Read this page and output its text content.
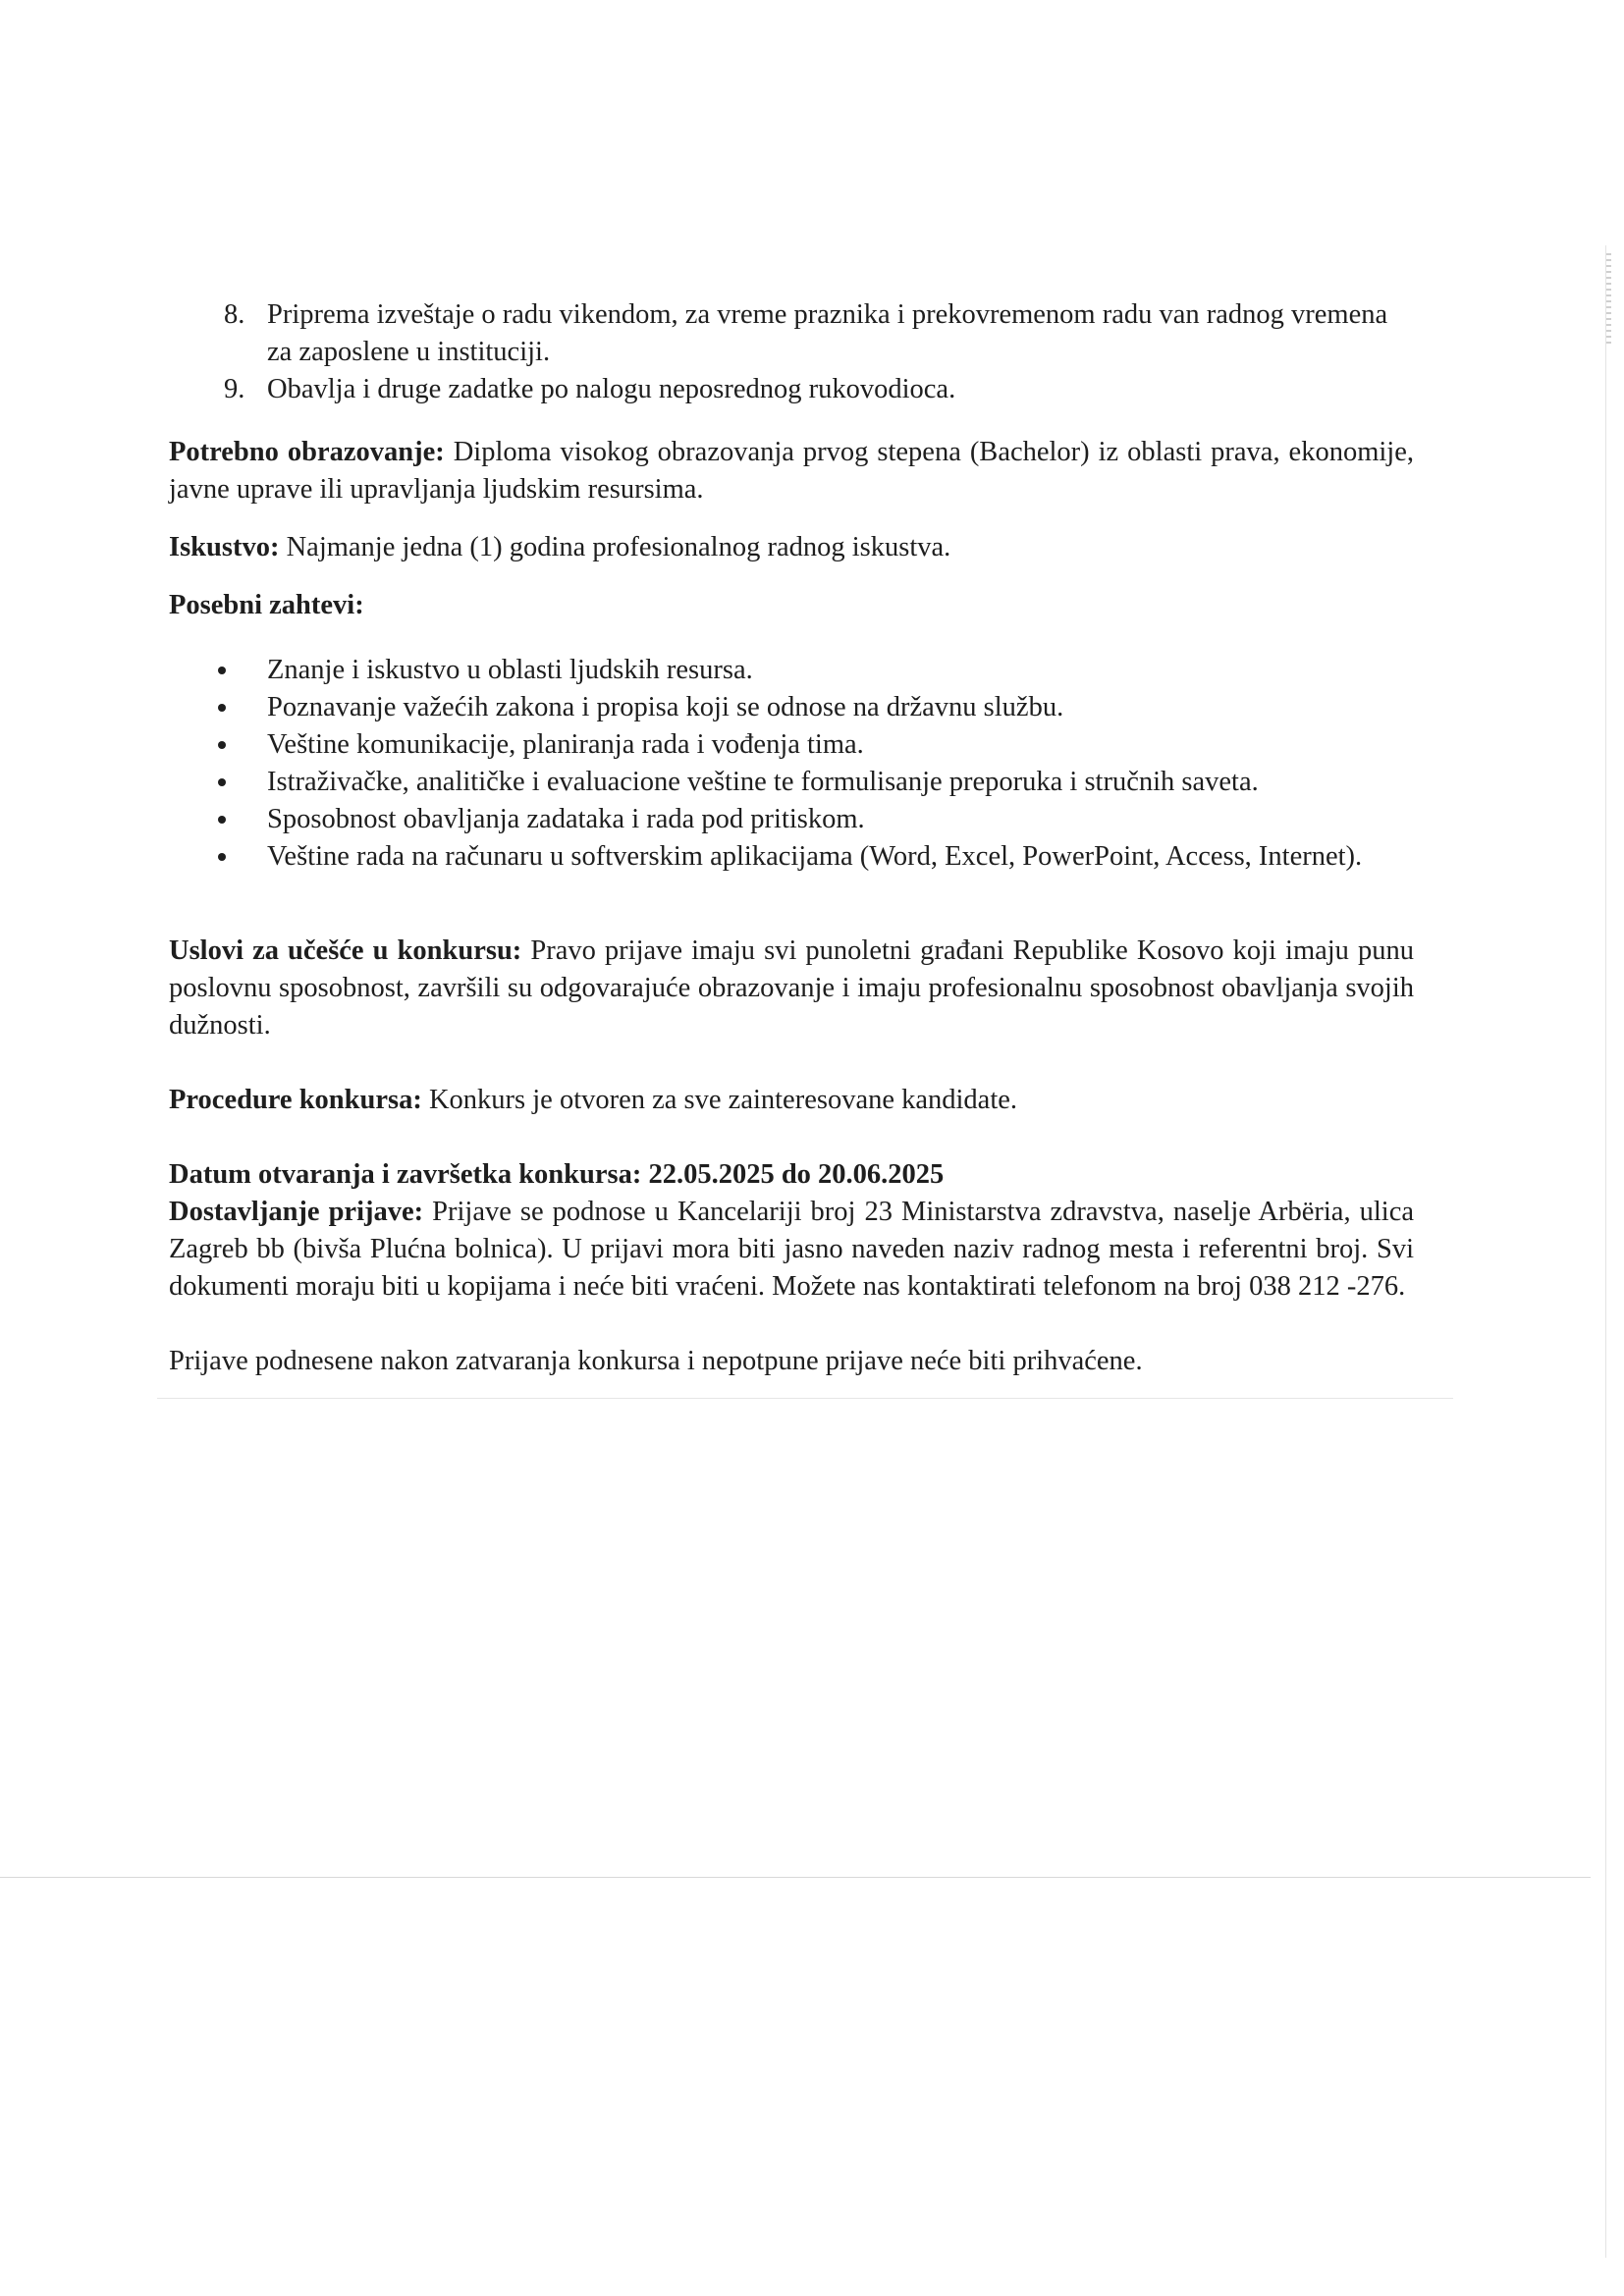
8. Priprema izveštaje o radu vikendom, za vreme praznika i prekovremenom radu van radnog vremena za zaposlene u instituciji.
9. Obavlja i druge zadatke po nalogu neposrednog rukovodioca.

Potrebno obrazovanje: Diploma visokog obrazovanja prvog stepena (Bachelor) iz oblasti prava, ekonomije, javne uprave ili upravljanja ljudskim resursima.

Iskustvo: Najmanje jedna (1) godina profesionalnog radnog iskustva.

Posebni zahtevi:

Znanje i iskustvo u oblasti ljudskih resursa.
Poznavanje važećih zakona i propisa koji se odnose na državnu službu.
Veštine komunikacije, planiranja rada i vođenja tima.
Istraživačke, analitičke i evaluacione veštine te formulisanje preporuka i stručnih saveta.
Sposobnost obavljanja zadataka i rada pod pritiskom.
Veštine rada na računaru u softverskim aplikacijama (Word, Excel, PowerPoint, Access, Internet).

Uslovi za učešće u konkursu: Pravo prijave imaju svi punoletni građani Republike Kosovo koji imaju punu poslovnu sposobnost, završili su odgovarajuće obrazovanje i imaju profesionalnu sposobnost obavljanja svojih dužnosti.

Procedure konkursa: Konkurs je otvoren za sve zainteresovane kandidate.

Datum otvaranja i završetka konkursa: 22.05.2025 do 20.06.2025

Dostavljanje prijave: Prijave se podnose u Kancelariji broj 23 Ministarstva zdravstva, naselje Arbëria, ulica Zagreb bb (bivša Plućna bolnica). U prijavi mora biti jasno naveden naziv radnog mesta i referentni broj. Svi dokumenti moraju biti u kopijama i neće biti vraćeni. Možete nas kontaktirati telefonom na broj 038 212 -276.

Prijave podnesene nakon zatvaranja konkursa i nepotpune prijave neće biti prihvaćene.
